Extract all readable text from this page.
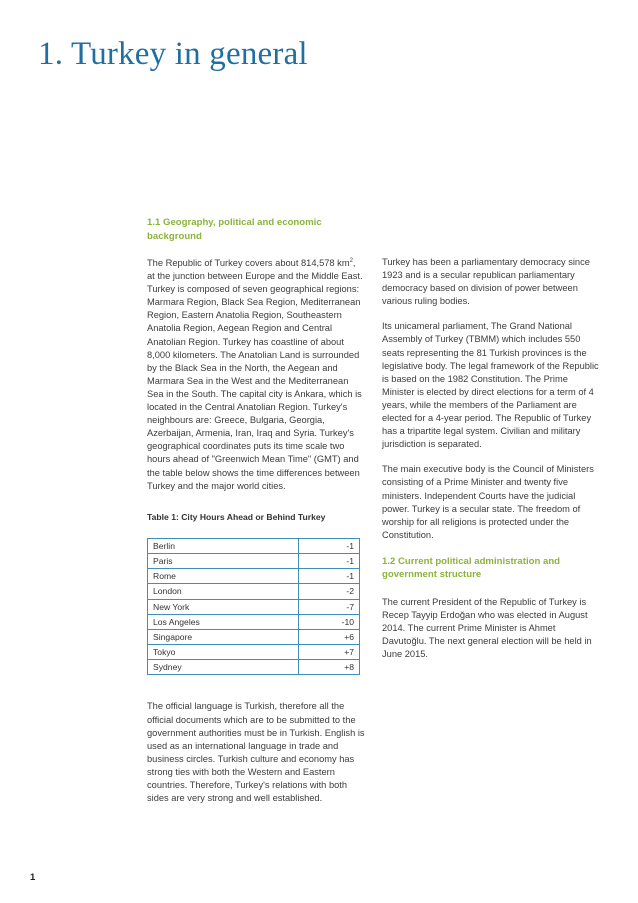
1. Turkey in general
1.1 Geography, political and economic background

The Republic of Turkey covers about 814,578 $km^2$, at the junction between Europe and the Middle East. Turkey is composed of seven geographical regions: Marmara Region, Black Sea Region, Mediterranean Region, Eastern Anatolia Region, Southeastern Anatolia Region, Aegean Region and Central Anatolian Region. Turkey has coastline of about 8,000 kilometers. The Anatolian Land is surrounded by the Black Sea in the North, the Aegean and Marmara Sea in the West and the Mediterranean Sea in the South. The capital city is Ankara, which is located in the Central Anatolian Region. Turkey's neighbours are: Greece, Bulgaria, Georgia, Azerbaijan, Armenia, Iran, Iraq and Syria. Turkey's geographical coordinates puts its time scale two hours ahead of "Greenwich Mean Time" (GMT) and the table below shows the time differences between Turkey and the major world cities.

Table 1: City Hours Ahead or Behind Turkey
Berlin	-1
Paris	-1
Rome	-1
London	-2
New York	-7
Los Angeles	-10
Singapore	+6
Tokyo	+7
Sydney	+8

The official language is Turkish, therefore all the official documents which are to be submitted to the government authorities must be in Turkish. English is used as an international language in trade and business circles. Turkish culture and economy has strong ties with both the Western and Eastern countries. Therefore, Turkey's relations with both sides are very strong and well established.

Turkey has been a parliamentary democracy since 1923 and is a secular republican parliamentary democracy based on division of power between various ruling bodies.

Its unicameral parliament, The Grand National Assembly of Turkey (TBMM) which includes 550 seats representing the 81 Turkish provinces is the legislative body. The legal framework of the Republic is based on the 1982 Constitution. The Prime Minister is elected by direct elections for a term of 4 years, while the members of the Parliament are elected for a 4-year period. The Republic of Turkey has a tripartite legal system. Civilian and military jurisdiction is separated.

The main executive body is the Council of Ministers consisting of a Prime Minister and twenty five ministers. Independent Courts have the judicial power. Turkey is a secular state. The freedom of worship for all religions is protected under the Constitution.

1.2 Current political administration and government structure

The current President of the Republic of Turkey is Recep Tayyip Erdoğan who was elected in August 2014. The current Prime Minister is Ahmet Davutoğlu. The next general election will be held in June 2015.

1
